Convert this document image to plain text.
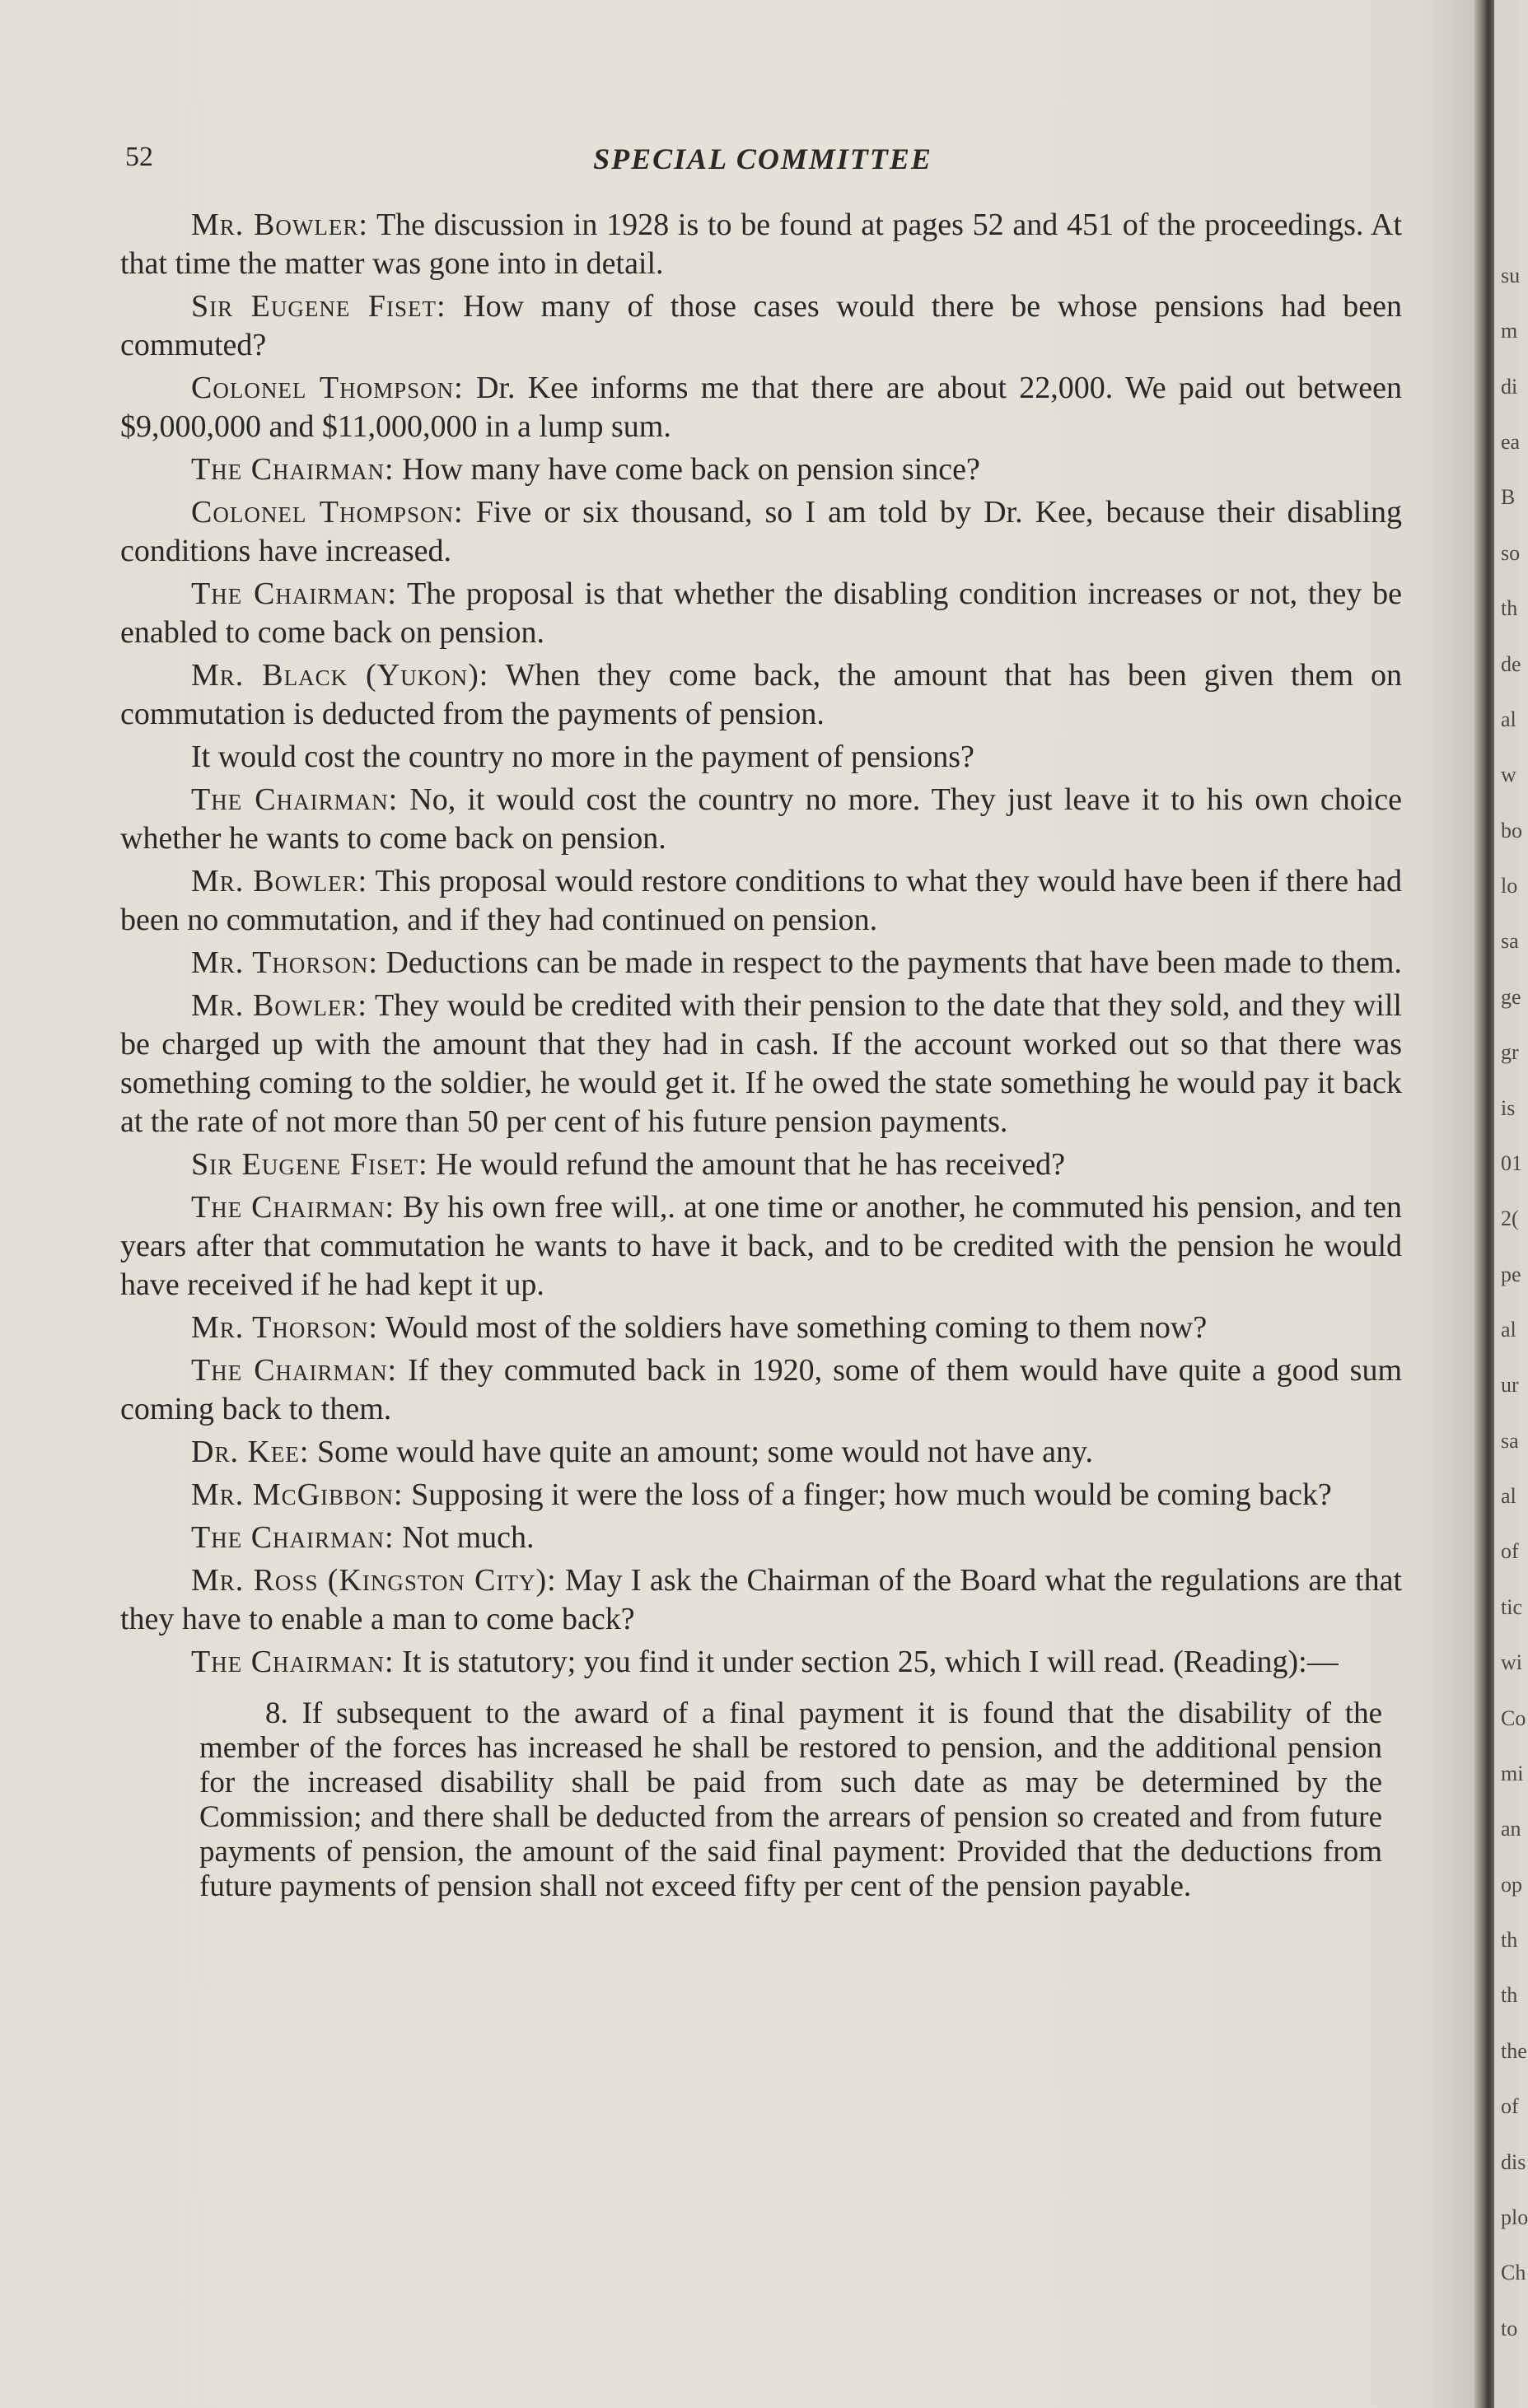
52	SPECIAL COMMITTEE

Mr. Bowler: The discussion in 1928 is to be found at pages 52 and 451 of the proceedings. At that time the matter was gone into in detail.

Sir Eugene Fiset: How many of those cases would there be whose pensions had been commuted?

Colonel Thompson: Dr. Kee informs me that there are about 22,000. We paid out between $9,000,000 and $11,000,000 in a lump sum.

The Chairman: How many have come back on pension since?

Colonel Thompson: Five or six thousand, so I am told by Dr. Kee, because their disabling conditions have increased.

The Chairman: The proposal is that whether the disabling condition increases or not, they be enabled to come back on pension.

Mr. Black (Yukon): When they come back, the amount that has been given them on commutation is deducted from the payments of pension.

It would cost the country no more in the payment of pensions?

The Chairman: No, it would cost the country no more. They just leave it to his own choice whether he wants to come back on pension.

Mr. Bowler: This proposal would restore conditions to what they would have been if there had been no commutation, and if they had continued on pension.

Mr. Thorson: Deductions can be made in respect to the payments that have been made to them.

Mr. Bowler: They would be credited with their pension to the date that they sold, and they will be charged up with the amount that they had in cash. If the account worked out so that there was something coming to the soldier, he would get it. If he owed the state something he would pay it back at the rate of not more than 50 per cent of his future pension payments.

Sir Eugene Fiset: He would refund the amount that he has received?

The Chairman: By his own free will,. at one time or another, he commuted his pension, and ten years after that commutation he wants to have it back, and to be credited with the pension he would have received if he had kept it up.

Mr. Thorson: Would most of the soldiers have something coming to them now?

The Chairman: If they commuted back in 1920, some of them would have quite a good sum coming back to them.

Dr. Kee: Some would have quite an amount; some would not have any.

Mr. McGibbon: Supposing it were the loss of a finger; how much would be coming back?

The Chairman: Not much.

Mr. Ross (Kingston City): May I ask the Chairman of the Board what the regulations are that they have to enable a man to come back?

The Chairman: It is statutory; you find it under section 25, which I will read. (Reading):—

8. If subsequent to the award of a final payment it is found that the disability of the member of the forces has increased he shall be restored to pension, and the additional pension for the increased disability shall be paid from such date as may be determined by the Commission; and there shall be deducted from the arrears of pension so created and from future payments of pension, the amount of the said final payment: Provided that the deductions from future payments of pension shall not exceed fifty per cent of the pension payable.

su
m
di
ea
B
so
th
de
al
w
bo
lo
sa
ge
gr
is
01
2(
pe
al
ur
sa
al
of
tic
wi
Co
mi
an
op
th
th
the
of
dis
plo
Ch
to
